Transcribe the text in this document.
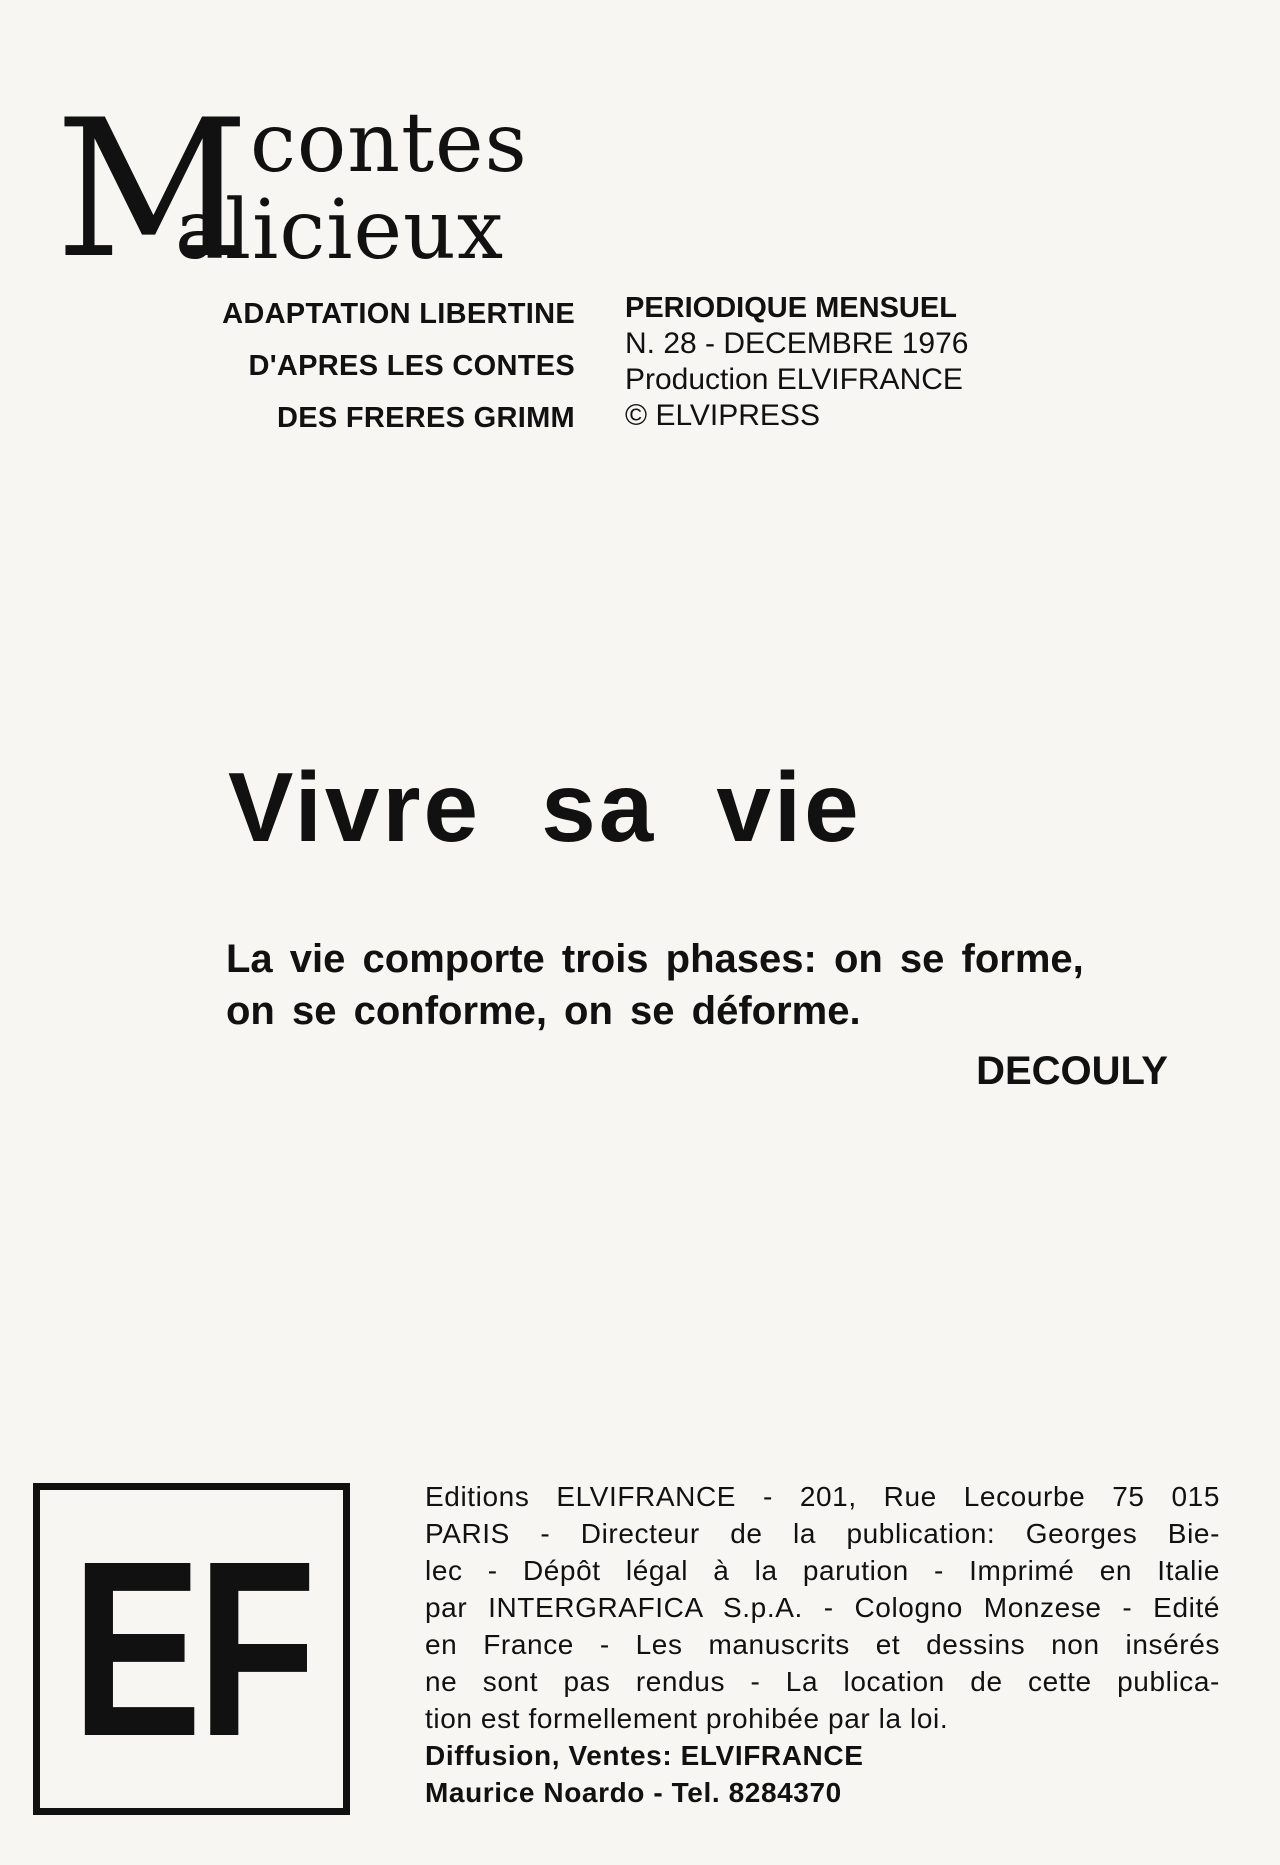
M contes
alicieux
ADAPTATION LIBERTINE
D'APRES LES CONTES
DES FRERES GRIMM
PERIODIQUE MENSUEL
N. 28 - DECEMBRE 1976
Production ELVIFRANCE
© ELVIPRESS
Vivre sa vie
La vie comporte trois phases: on se forme,
on se conforme, on se déforme.
DECOULY
EF
Editions ELVIFRANCE - 201, Rue Lecourbe 75 015
PARIS - Directeur de la publication: Georges Bie-
lec - Dépôt légal à la parution - Imprimé en Italie
par INTERGRAFICA S.p.A. - Cologno Monzese - Edité
en France - Les manuscrits et dessins non insérés
ne sont pas rendus - La location de cette publica-
tion est formellement prohibée par la loi.
Diffusion, Ventes: ELVIFRANCE
Maurice Noardo - Tel. 8284370
